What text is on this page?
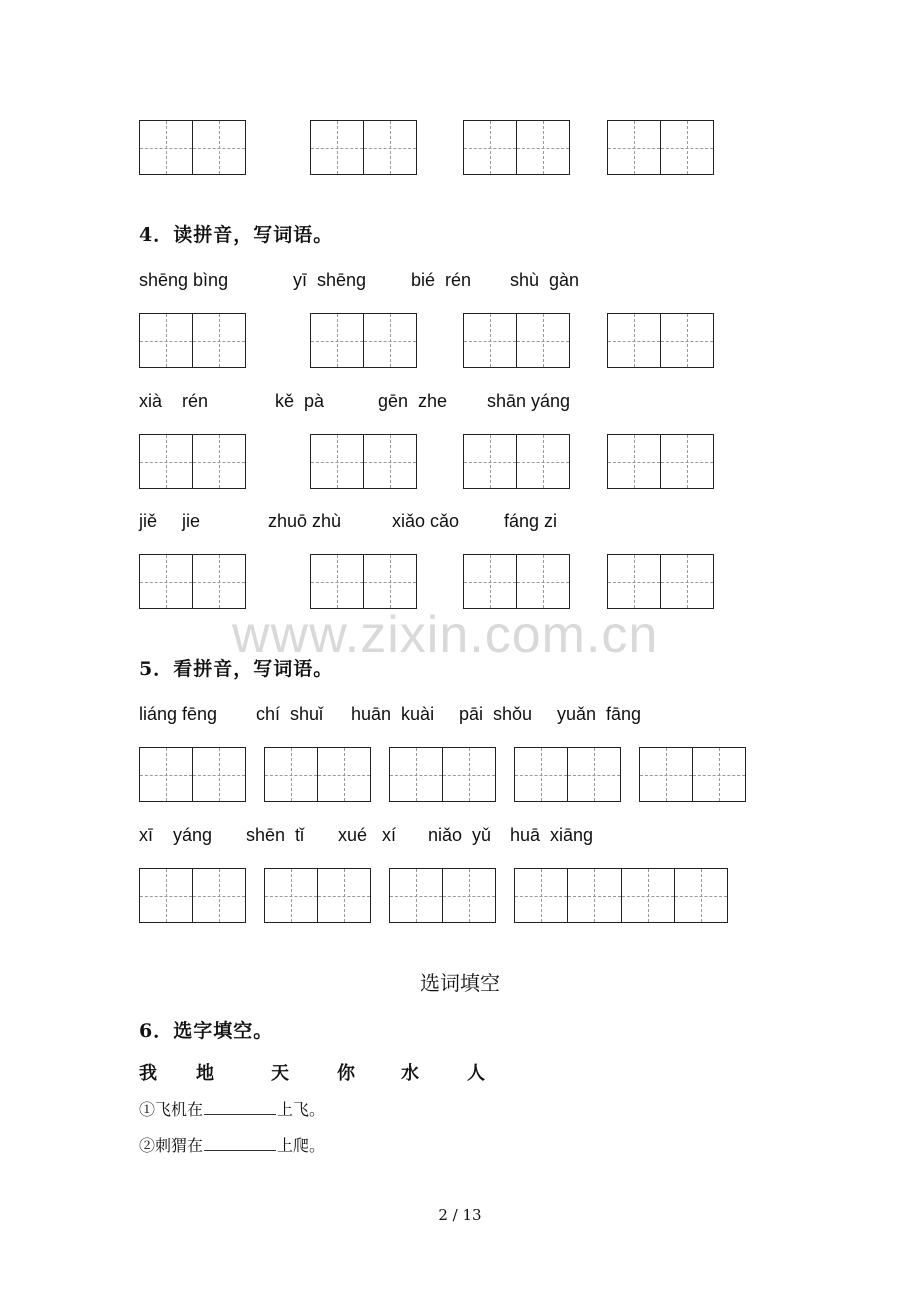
4．读拼音，写词语。
shēng bìng	yī  shēng bié  rén shù  gàn
xià    rén	kě  pà	gēn  zhe shān yáng
jiě     jie	zhuō zhù	xiǎo cǎo fáng zi
www.zixin.com.cn
5．看拼音，写词语。
liáng fēng chí  shuǐ huān  kuài pāi  shǒu yuǎn  fāng
xī    yáng shēn  tǐ xué   xí niǎo  yǔ huā  xiāng
选词填空
6．选字填空。
我 地	天	你	水	人
①飞机在	上飞。
②刺猬在	上爬。
2 / 13
